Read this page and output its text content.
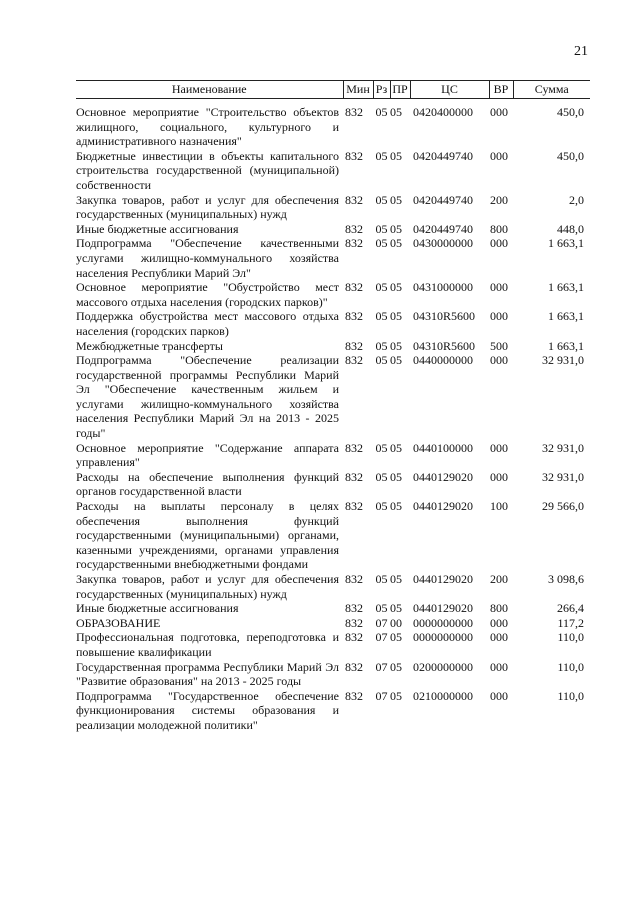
21
Наименование	Мин	Рз	ПР	ЦС	ВР	Сумма
Основное мероприятие "Строительство объектов жилищного, социального, культурного и административного назначения"	832	05	05	0420400000	000	450,0
Бюджетные инвестиции в объекты капитального строительства государственной (муниципальной) собственности	832	05	05	0420449740	000	450,0
Закупка товаров, работ и услуг для обеспечения государственных (муниципальных) нужд	832	05	05	0420449740	200	2,0
Иные бюджетные ассигнования	832	05	05	0420449740	800	448,0
Подпрограмма "Обеспечение качественными услугами жилищно-коммунального хозяйства населения Республики Марий Эл"	832	05	05	0430000000	000	1 663,1
Основное мероприятие "Обустройство мест массового отдыха населения (городских парков)"	832	05	05	0431000000	000	1 663,1
Поддержка обустройства мест массового отдыха населения (городских парков)	832	05	05	04310R5600	000	1 663,1
Межбюджетные трансферты	832	05	05	04310R5600	500	1 663,1
Подпрограмма "Обеспечение реализации государственной программы Республики Марий Эл "Обеспечение качественным жильем и услугами жилищно-коммунального хозяйства населения Республики Марий Эл на 2013 - 2025 годы"	832	05	05	0440000000	000	32 931,0
Основное мероприятие "Содержание аппарата управления"	832	05	05	0440100000	000	32 931,0
Расходы на обеспечение выполнения функций органов государственной власти	832	05	05	0440129020	000	32 931,0
Расходы на выплаты персоналу в целях обеспечения выполнения функций государственными (муниципальными) органами, казенными учреждениями, органами управления государственными внебюджетными фондами	832	05	05	0440129020	100	29 566,0
Закупка товаров, работ и услуг для обеспечения государственных (муниципальных) нужд	832	05	05	0440129020	200	3 098,6
Иные бюджетные ассигнования	832	05	05	0440129020	800	266,4
ОБРАЗОВАНИЕ	832	07	00	0000000000	000	117,2
Профессиональная подготовка, переподготовка и повышение квалификации	832	07	05	0000000000	000	110,0
Государственная программа Республики Марий Эл "Развитие образования" на 2013 - 2025 годы	832	07	05	0200000000	000	110,0
Подпрограмма "Государственное обеспечение функционирования системы образования и реализации молодежной политики"	832	07	05	0210000000	000	110,0
